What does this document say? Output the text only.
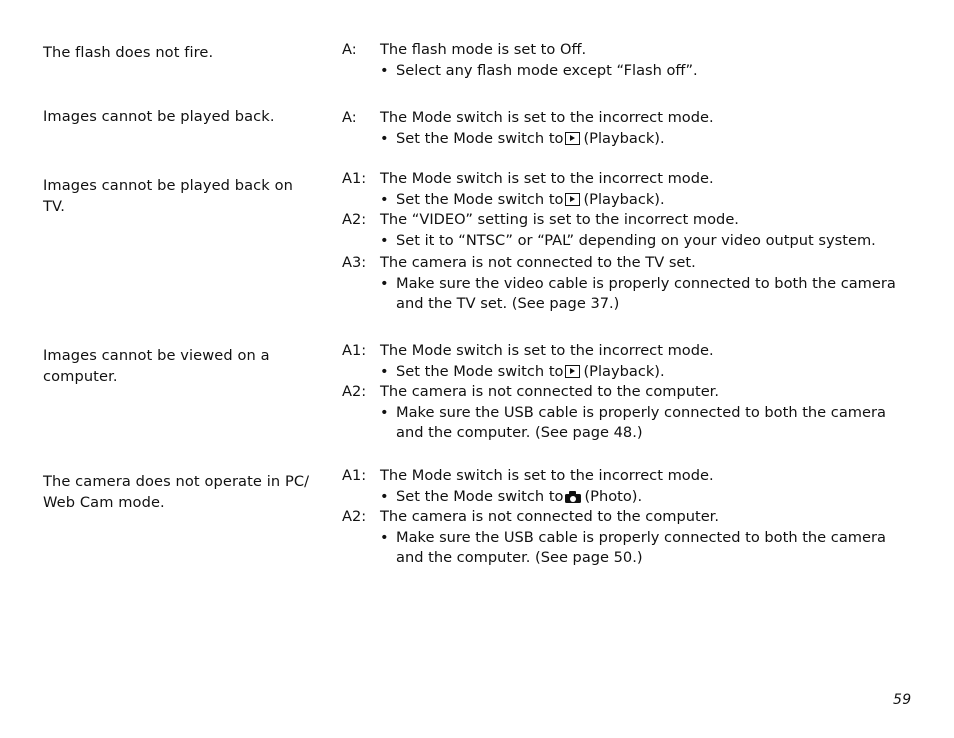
The flash does not fire.	A:	The flash mode is set to Off.
• Select any flash mode except “Flash off”.
Images cannot be played back.	A:	The Mode switch is set to the incorrect mode.
• Set the Mode switch to (Playback).
Images cannot be played back on TV.
A1: The Mode switch is set to the incorrect mode.
• Set the Mode switch to (Playback).
A2: The “VIDEO” setting is set to the incorrect mode.
• Set it to “NTSC” or “PAL” depending on your video output system.
A3: The camera is not connected to the TV set.
• Make sure the video cable is properly connected to both the camera and the TV set. (See page 37.)
Images cannot be viewed on a computer.
A1: The Mode switch is set to the incorrect mode.
• Set the Mode switch to (Playback).
A2: The camera is not connected to the computer.
• Make sure the USB cable is properly connected to both the camera and the computer. (See page 48.)
The camera does not operate in PC/ Web Cam mode.
A1: The Mode switch is set to the incorrect mode.
• Set the Mode switch to (Photo).
A2: The camera is not connected to the computer.
• Make sure the USB cable is properly connected to both the camera and the computer. (See page 50.)
59
